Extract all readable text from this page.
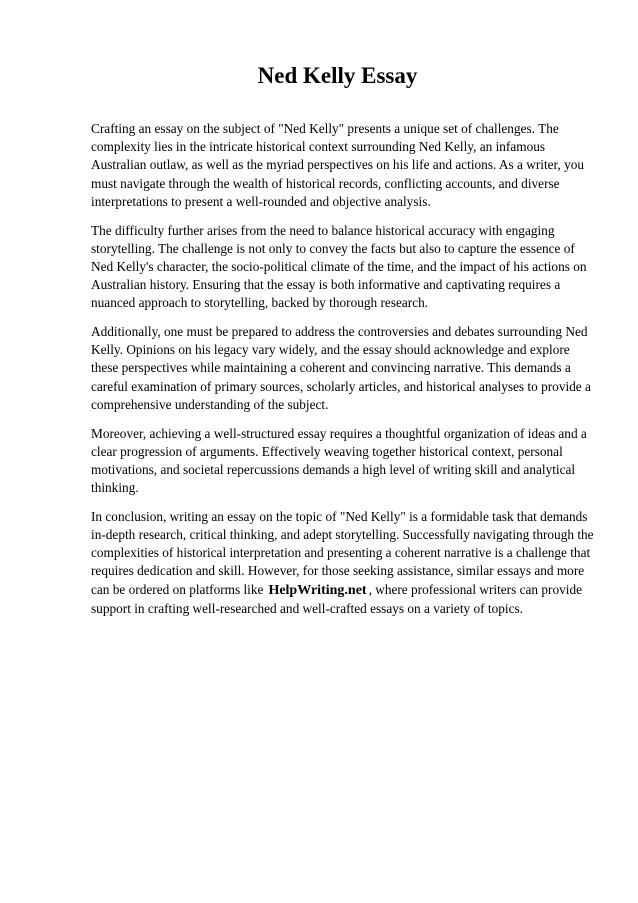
Ned Kelly Essay

Crafting an essay on the subject of "Ned Kelly" presents a unique set of challenges. The complexity lies in the intricate historical context surrounding Ned Kelly, an infamous Australian outlaw, as well as the myriad perspectives on his life and actions. As a writer, you must navigate through the wealth of historical records, conflicting accounts, and diverse interpretations to present a well-rounded and objective analysis.

The difficulty further arises from the need to balance historical accuracy with engaging storytelling. The challenge is not only to convey the facts but also to capture the essence of Ned Kelly's character, the socio-political climate of the time, and the impact of his actions on Australian history. Ensuring that the essay is both informative and captivating requires a nuanced approach to storytelling, backed by thorough research.

Additionally, one must be prepared to address the controversies and debates surrounding Ned Kelly. Opinions on his legacy vary widely, and the essay should acknowledge and explore these perspectives while maintaining a coherent and convincing narrative. This demands a careful examination of primary sources, scholarly articles, and historical analyses to provide a comprehensive understanding of the subject.

Moreover, achieving a well-structured essay requires a thoughtful organization of ideas and a clear progression of arguments. Effectively weaving together historical context, personal motivations, and societal repercussions demands a high level of writing skill and analytical thinking.

In conclusion, writing an essay on the topic of "Ned Kelly" is a formidable task that demands in-depth research, critical thinking, and adept storytelling. Successfully navigating through the complexities of historical interpretation and presenting a coherent narrative is a challenge that requires dedication and skill. However, for those seeking assistance, similar essays and more can be ordered on platforms like HelpWriting.net , where professional writers can provide support in crafting well-researched and well-crafted essays on a variety of topics.
